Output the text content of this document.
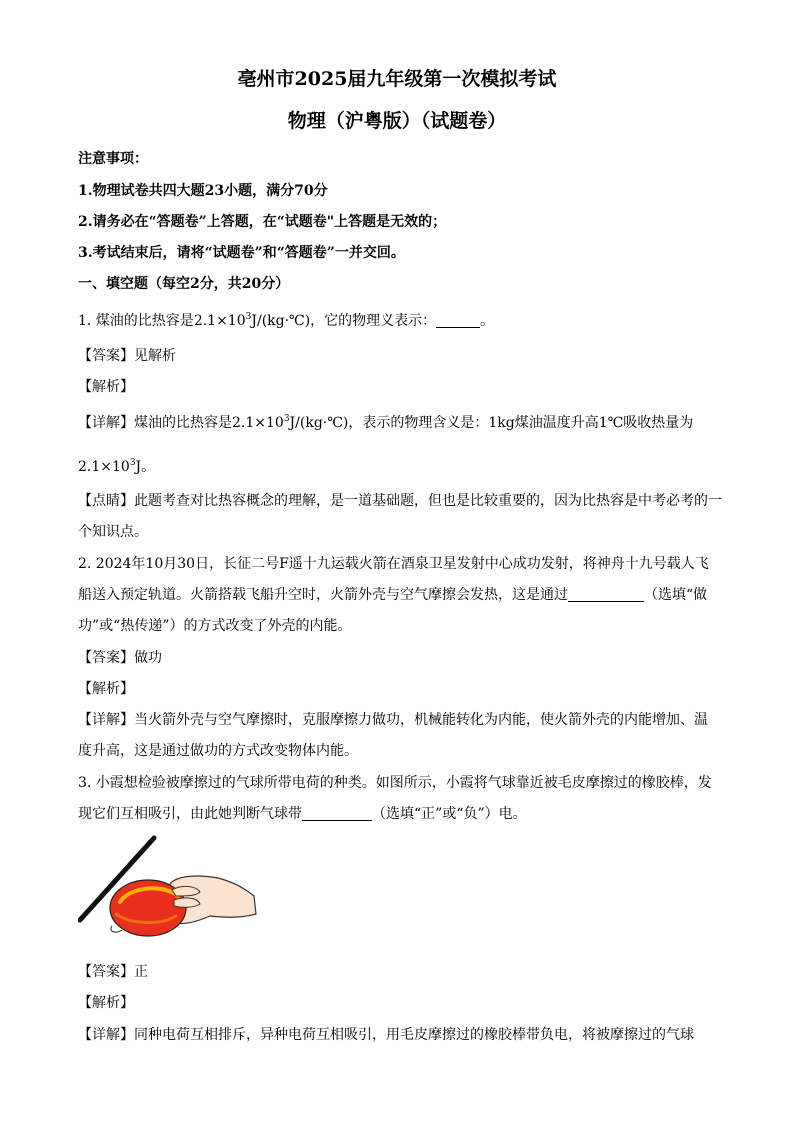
亳州市2025届九年级第一次模拟考试
物理（沪粤版）（试题卷）
注意事项：
1.物理试卷共四大题23小题，满分70分
2.请务必在“答题卷”上答题，在“试题卷"上答题是无效的；
3.考试结束后，请将“试题卷”和“答题卷”一并交回。
一、填空题（每空2分，共20分）
1. 煤油的比热容是$2.1\times 10^3J/(kg\cdot℃)$，它的物理义表示：	。
【答案】见解析
【解析】
【详解】煤油的比热容是$2.1\times 10^3J/(kg\cdot℃)$，表示的物理含义是：1kg煤油温度升高1℃吸收热量为
$2.1\times 10^3J$。
【点睛】此题考查对比热容概念的理解，是一道基础题，但也是比较重要的，因为比热容是中考必考的一
个知识点。
2. 2024年10月30日，长征二号F遥十九运载火箭在酒泉卫星发射中心成功发射，将神舟十九号载人飞
船送入预定轨道。火箭搭载飞船升空时，火箭外壳与空气摩擦会发热，这是通过	（选填“做
功”或“热传递”）的方式改变了外壳的内能。
【答案】做功
【解析】
【详解】当火箭外壳与空气摩擦时，克服摩擦力做功，机械能转化为内能，使火箭外壳的内能增加、温
度升高，这是通过做功的方式改变物体内能。
3. 小霞想检验被摩擦过的气球所带电荷的种类。如图所示，小霞将气球靠近被毛皮摩擦过的橡胶棒，发
现它们互相吸引，由此她判断气球带	（选填“正”或“负”）电。
【答案】正
【解析】
【详解】同种电荷互相排斥，异种电荷互相吸引，用毛皮摩擦过的橡胶棒带负电，将被摩擦过的气球
